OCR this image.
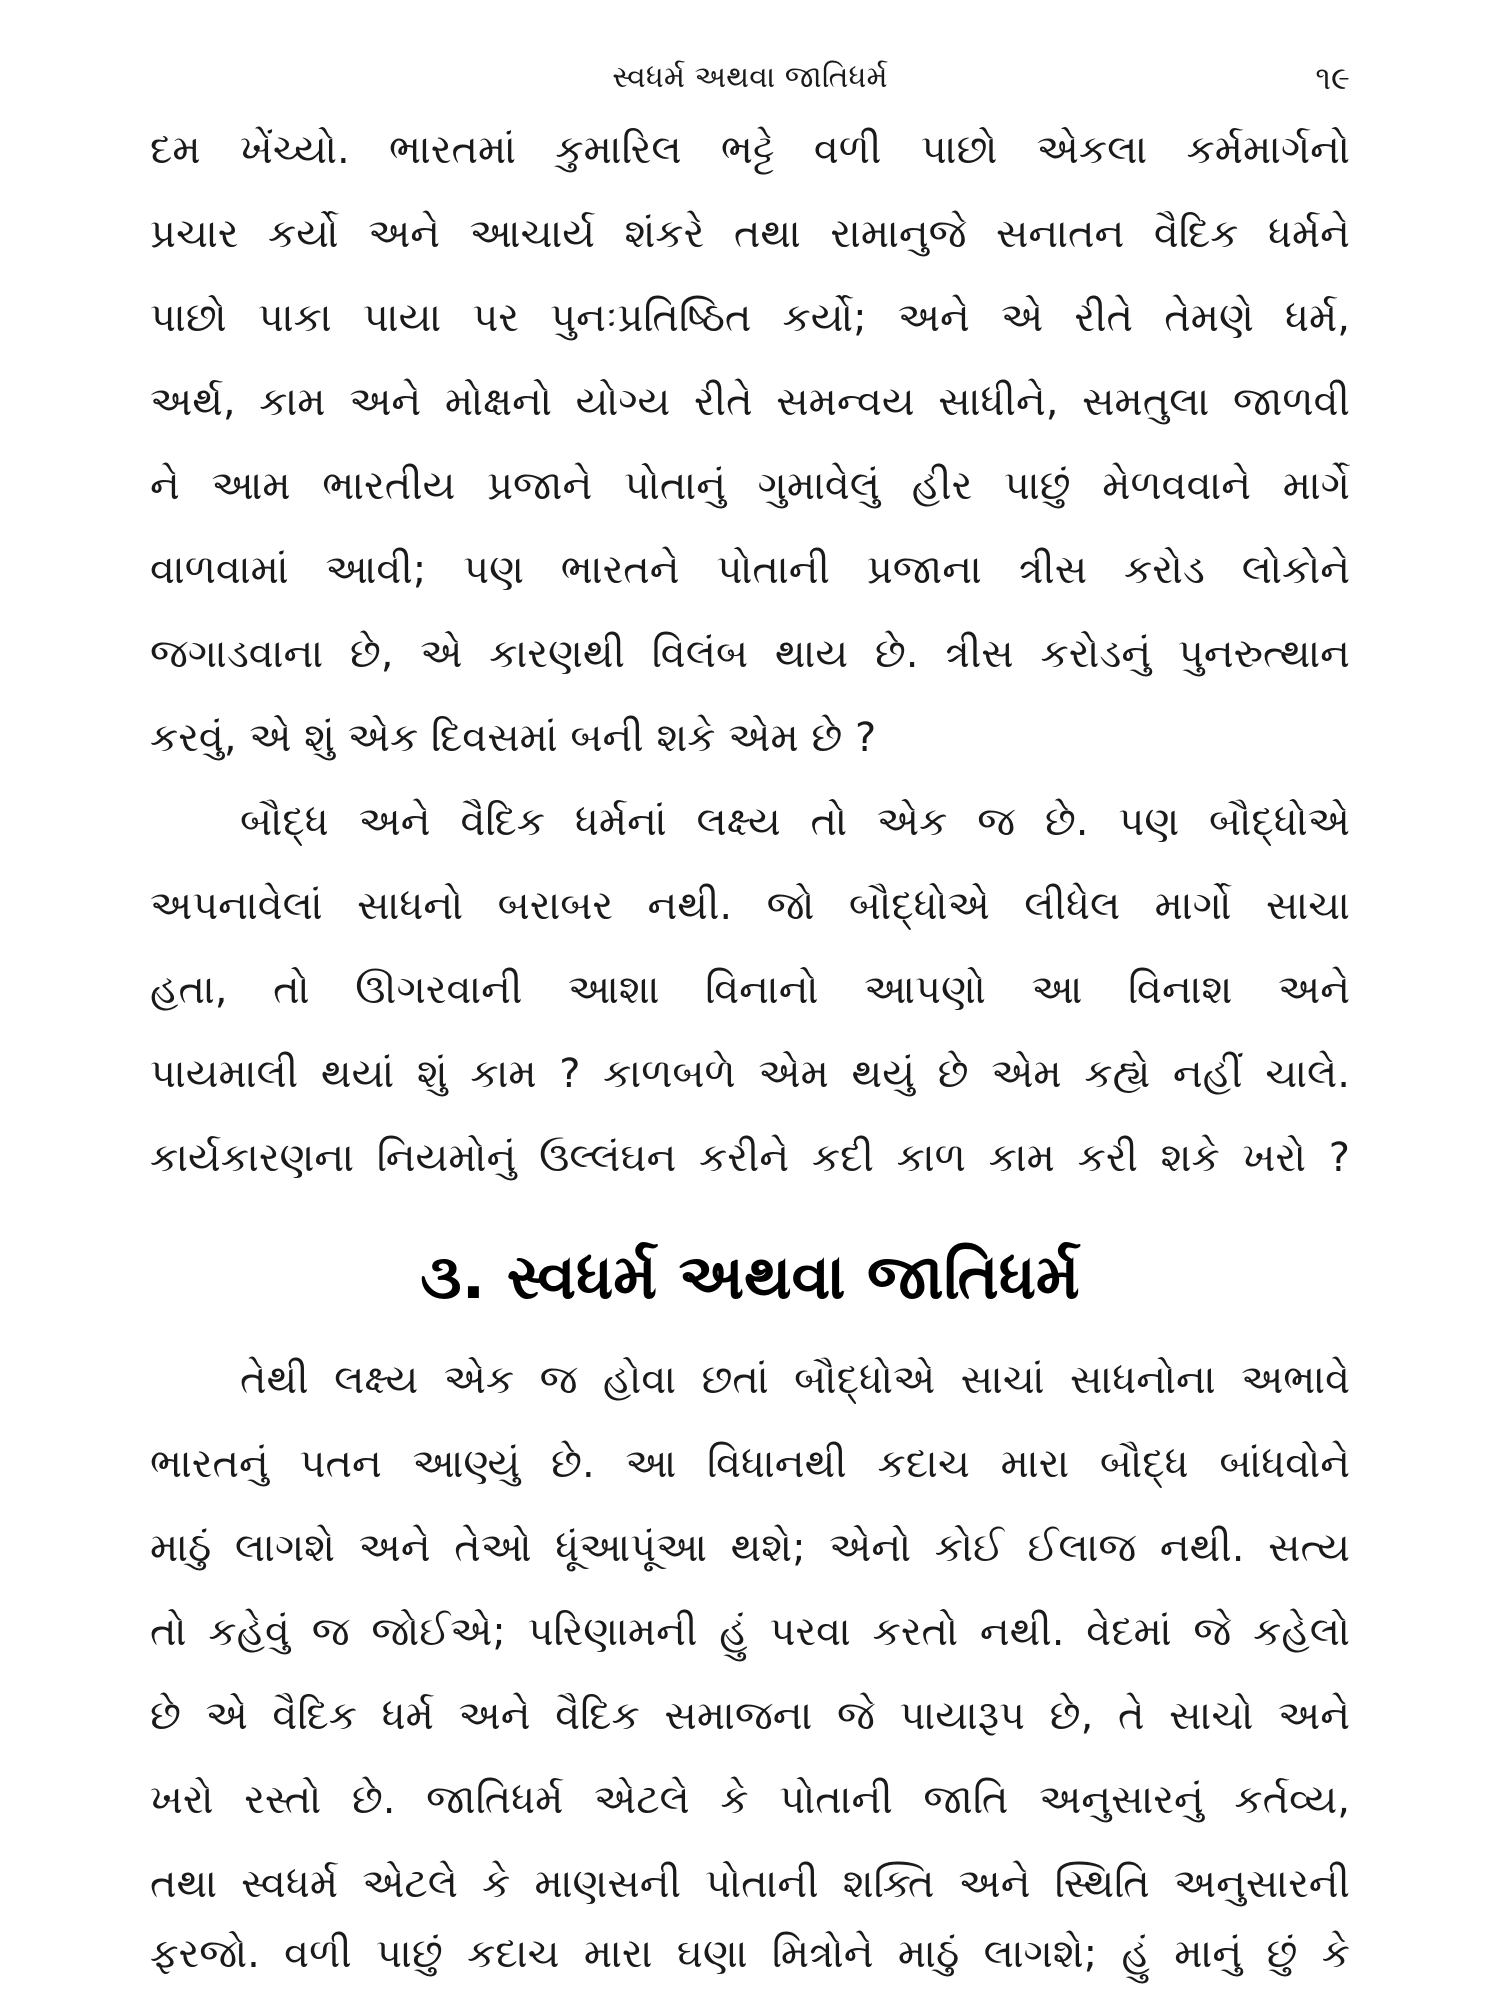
સ્વધર્મ અથવા જાતિધર્મ	૧૯
દમ ખેંચ્યો. ભારતમાં કુમારિલ ભટ્ટે વળી પાછો એકલા કર્મમાર્ગનો
પ્રચાર કર્યો અને આચાર્ય શંકરે તથા રામાનુજે સનાતન વૈદિક ધર્મને
પાછો પાકા પાયા પર પુનઃપ્રતિષ્ઠિત કર્યો; અને એ રીતે તેમણે ધર્મ,
અર્થ, કામ અને મોક્ષનો યોગ્ય રીતે સમન્વય સાધીને, સમતુલા જાળવી
ને આમ ભારતીય પ્રજાને પોતાનું ગુમાવેલું હીર પાછું મેળવવાને માર્ગે
વાળવામાં આવી; પણ ભારતને પોતાની પ્રજાના ત્રીસ કરોડ લોકોને
જગાડવાના છે, એ કારણથી વિલંબ થાય છે. ત્રીસ કરોડનું પુનરુત્થાન
કરવું, એ શું એક દિવસમાં બની શકે એમ છે ?
બૌદ્ધ અને વૈદિક ધર્મનાં લક્ષ્ય તો એક જ છે. પણ બૌદ્ધોએ
અપનાવેલાં સાધનો બરાબર નથી. જો બૌદ્ધોએ લીધેલ માર્ગો સાચા
હતા, તો ઊગરવાની આશા વિનાનો આપણો આ વિનાશ અને
પાયમાલી થયાં શું કામ ? કાળબળે એમ થયું છે એમ કહ્યે નહીં ચાલે.
કાર્યકારણના નિયમોનું ઉલ્લંઘન કરીને કદી કાળ કામ કરી શકે ખરો ?
૩. સ્વધર્મ અથવા જાતિધર્મ
તેથી લક્ષ્ય એક જ હોવા છતાં બૌદ્ધોએ સાચાં સાધનોના અભાવે
ભારતનું પતન આણ્યું છે. આ વિધાનથી કદાચ મારા બૌદ્ધ બાંધવોને
માઠું લાગશે અને તેઓ ધૂંઆપૂંઆ થશે; એનો કોઈ ઈલાજ નથી. સત્ય
તો કહેવું જ જોઈએ; પરિણામની હું પરવા કરતો નથી. વેદમાં જે કહેલો
છે એ વૈદિક ધર્મ અને વૈદિક સમાજના જે પાયારૂપ છે, તે સાચો અને
ખરો રસ્તો છે. જાતિધર્મ એટલે કે પોતાની જાતિ અનુસારનું કર્તવ્ય,
તથા સ્વધર્મ એટલે કે માણસની પોતાની શક્તિ અને સ્થિતિ અનુસારની
ફરજો. વળી પાછું કદાચ મારા ઘણા મિત્રોને માઠું લાગશે; હું માનું છું કે
